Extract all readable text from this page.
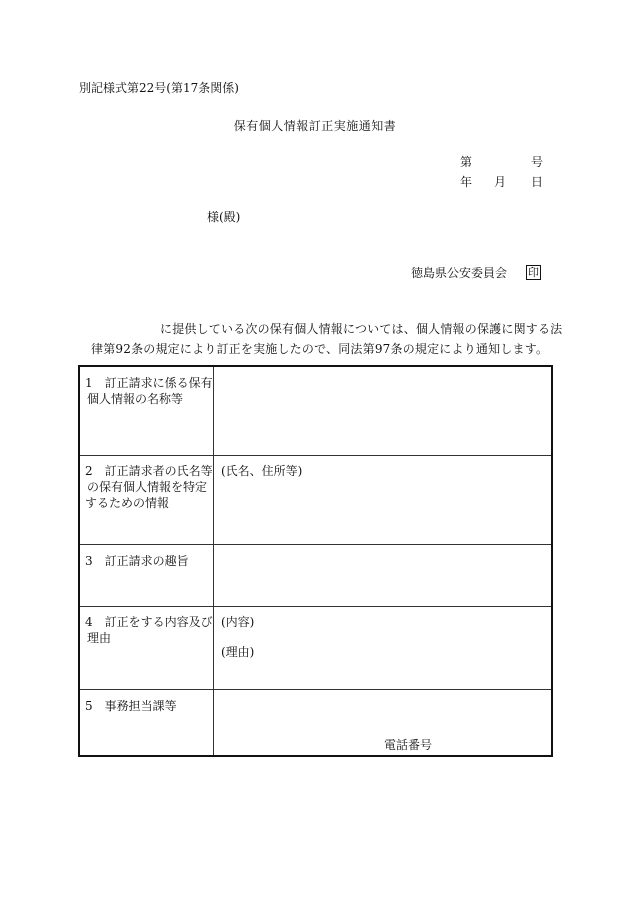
別記様式第22号(第17条関係)
保有個人情報訂正実施通知書
第	号
年 月 日
様(殿)
徳島県公安委員会 印
に提供している次の保有個人情報については、個人情報の保護に関する法
律第92条の規定により訂正を実施したので、同法第97条の規定により通知します。
1　訂正請求に係る保有
個人情報の名称等
2　訂正請求者の氏名等
の保有個人情報を特定
するための情報
(氏名、住所等)
3　訂正請求の趣旨
4　訂正をする内容及び
理由
(内容)
(理由)
5　事務担当課等
電話番号
